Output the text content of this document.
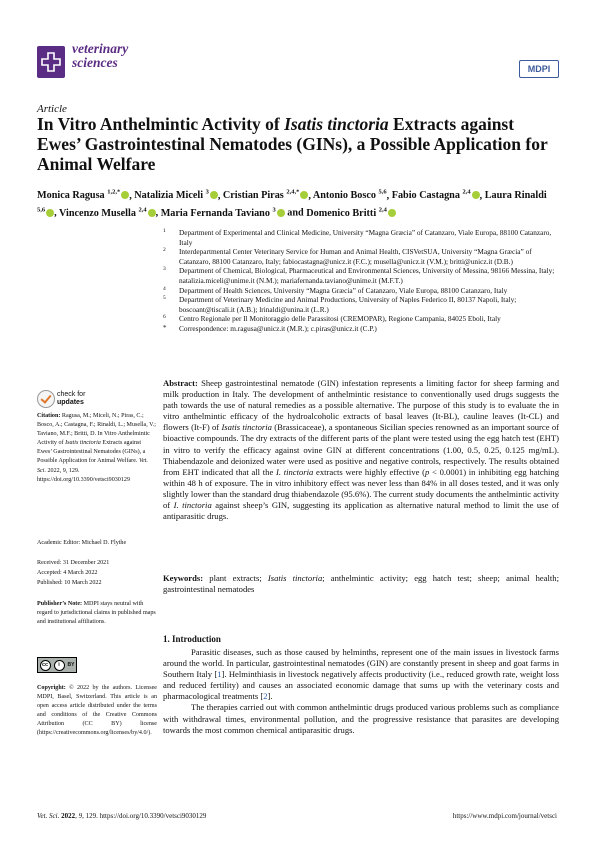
veterinary
sciences	MDPI
Article
In Vitro Anthelmintic Activity of Isatis tinctoria Extracts against Ewes’ Gastrointestinal Nematodes (GINs), a Possible Application for Animal Welfare
Monica Ragusa $^{1,2,*}$ , Natalizia Miceli $^3$ , Cristian Piras $^{2,4,*}$ , Antonio Bosco $^{5,6}$, Fabio Castagna $^{2,4}$ , Laura Rinaldi $^{5,6}$ , Vincenzo Musella $^{2,4}$ , Maria Fernanda Taviano $^3$ and Domenico Britti $^{2,4}$
1 Department of Experimental and Clinical Medicine, University “Magna Græcia” of Catanzaro, Viale Europa, 88100 Catanzaro, Italy
2 Interdepartmental Center Veterinary Service for Human and Animal Health, CISVetSUA, University “Magna Græcia” of Catanzaro, 88100 Catanzaro, Italy; fabiocastagna@unicz.it (F.C.); musella@unicz.it (V.M.); britti@unicz.it (D.B.)
3 Department of Chemical, Biological, Pharmaceutical and Environmental Sciences, University of Messina, 98166 Messina, Italy; natalizia.miceli@unime.it (N.M.); mariafernanda.taviano@unime.it (M.F.T.)
4 Department of Health Sciences, University “Magna Græcia” of Catanzaro, Viale Europa, 88100 Catanzaro, Italy
5 Department of Veterinary Medicine and Animal Productions, University of Naples Federico II, 80137 Napoli, Italy; boscoant@tiscali.it (A.B.); lrinaldi@unina.it (L.R.)
6 Centro Regionale per Il Monitoraggio delle Parassitosi (CREMOPAR), Regione Campania, 84025 Eboli, Italy
* Correspondence: m.ragusa@unicz.it (M.R.); c.piras@unicz.it (C.P.)
check for
updates
Citation: Ragusa, M.; Miceli, N.; Piras, C.; Bosco, A.; Castagna, F.; Rinaldi, L.; Musella, V.; Taviano, M.F.; Britti, D. In Vitro Anthelmintic Activity of Isatis tinctoria Extracts against Ewes’ Gastrointestinal Nematodes (GINs), a Possible Application for Animal Welfare. Vet. Sci. 2022, 9, 129. https://doi.org/10.3390/vetsci9030129
Academic Editor: Michael D. Flythe
Received: 31 December 2021
Accepted: 4 March 2022
Published: 10 March 2022
Publisher’s Note: MDPI stays neutral with regard to jurisdictional claims in published maps and institutional affiliations.
cc	i	BY
Copyright: © 2022 by the authors. Licensee MDPI, Basel, Switzerland. This article is an open access article distributed under the terms and conditions of the Creative Commons Attribution (CC BY) license (https://creativecommons.org/licenses/by/4.0/).
Abstract: Sheep gastrointestinal nematode (GIN) infestation represents a limiting factor for sheep farming and milk production in Italy. The development of anthelmintic resistance to conventionally used drugs suggests the path towards the use of natural remedies as a possible alternative. The purpose of this study is to evaluate the in vitro anthelmintic efficacy of the hydroalcoholic extracts of basal leaves (It-BL), cauline leaves (It-CL) and flowers (It-F) of Isatis tinctoria (Brassicaceae), a spontaneous Sicilian species renowned as an important source of bioactive compounds. The dry extracts of the different parts of the plant were tested using the egg hatch test (EHT) in vitro to verify the efficacy against ovine GIN at different concentrations (1.00, 0.5, 0.25, 0.125 mg/mL). Thiabendazole and deionized water were used as positive and negative controls, respectively. The results obtained from EHT indicated that all the I. tinctoria extracts were highly effective (p < 0.0001) in inhibiting egg hatching within 48 h of exposure. The in vitro inhibitory effect was never less than 84% in all doses tested, and it was only slightly lower than the standard drug thiabendazole (95.6%). The current study documents the anthelmintic activity of I. tinctoria against sheep’s GIN, suggesting its application as alternative natural method to limit the use of antiparasitic drugs.
Keywords: plant extracts; Isatis tinctoria; anthelmintic activity; egg hatch test; sheep; animal health; gastrointestinal nematodes
1. Introduction

Parasitic diseases, such as those caused by helminths, represent one of the main issues in livestock farms around the world. In particular, gastrointestinal nematodes (GIN) are constantly present in sheep and goat farms in Southern Italy [1]. Helminthiasis in livestock negatively affects productivity (i.e., reduced growth rate, weight loss and reduced fertility) and causes an associated economic damage that sums up with the veterinary costs and pharmacological treatments [2].

The therapies carried out with common anthelmintic drugs produced various problems such as compliance with withdrawal times, environmental pollution, and the progressive resistance that parasites are developing towards the most common chemical antiparasitic drugs.

Vet. Sci. 2022, 9, 129. https://doi.org/10.3390/vetsci9030129	https://www.mdpi.com/journal/vetsci
